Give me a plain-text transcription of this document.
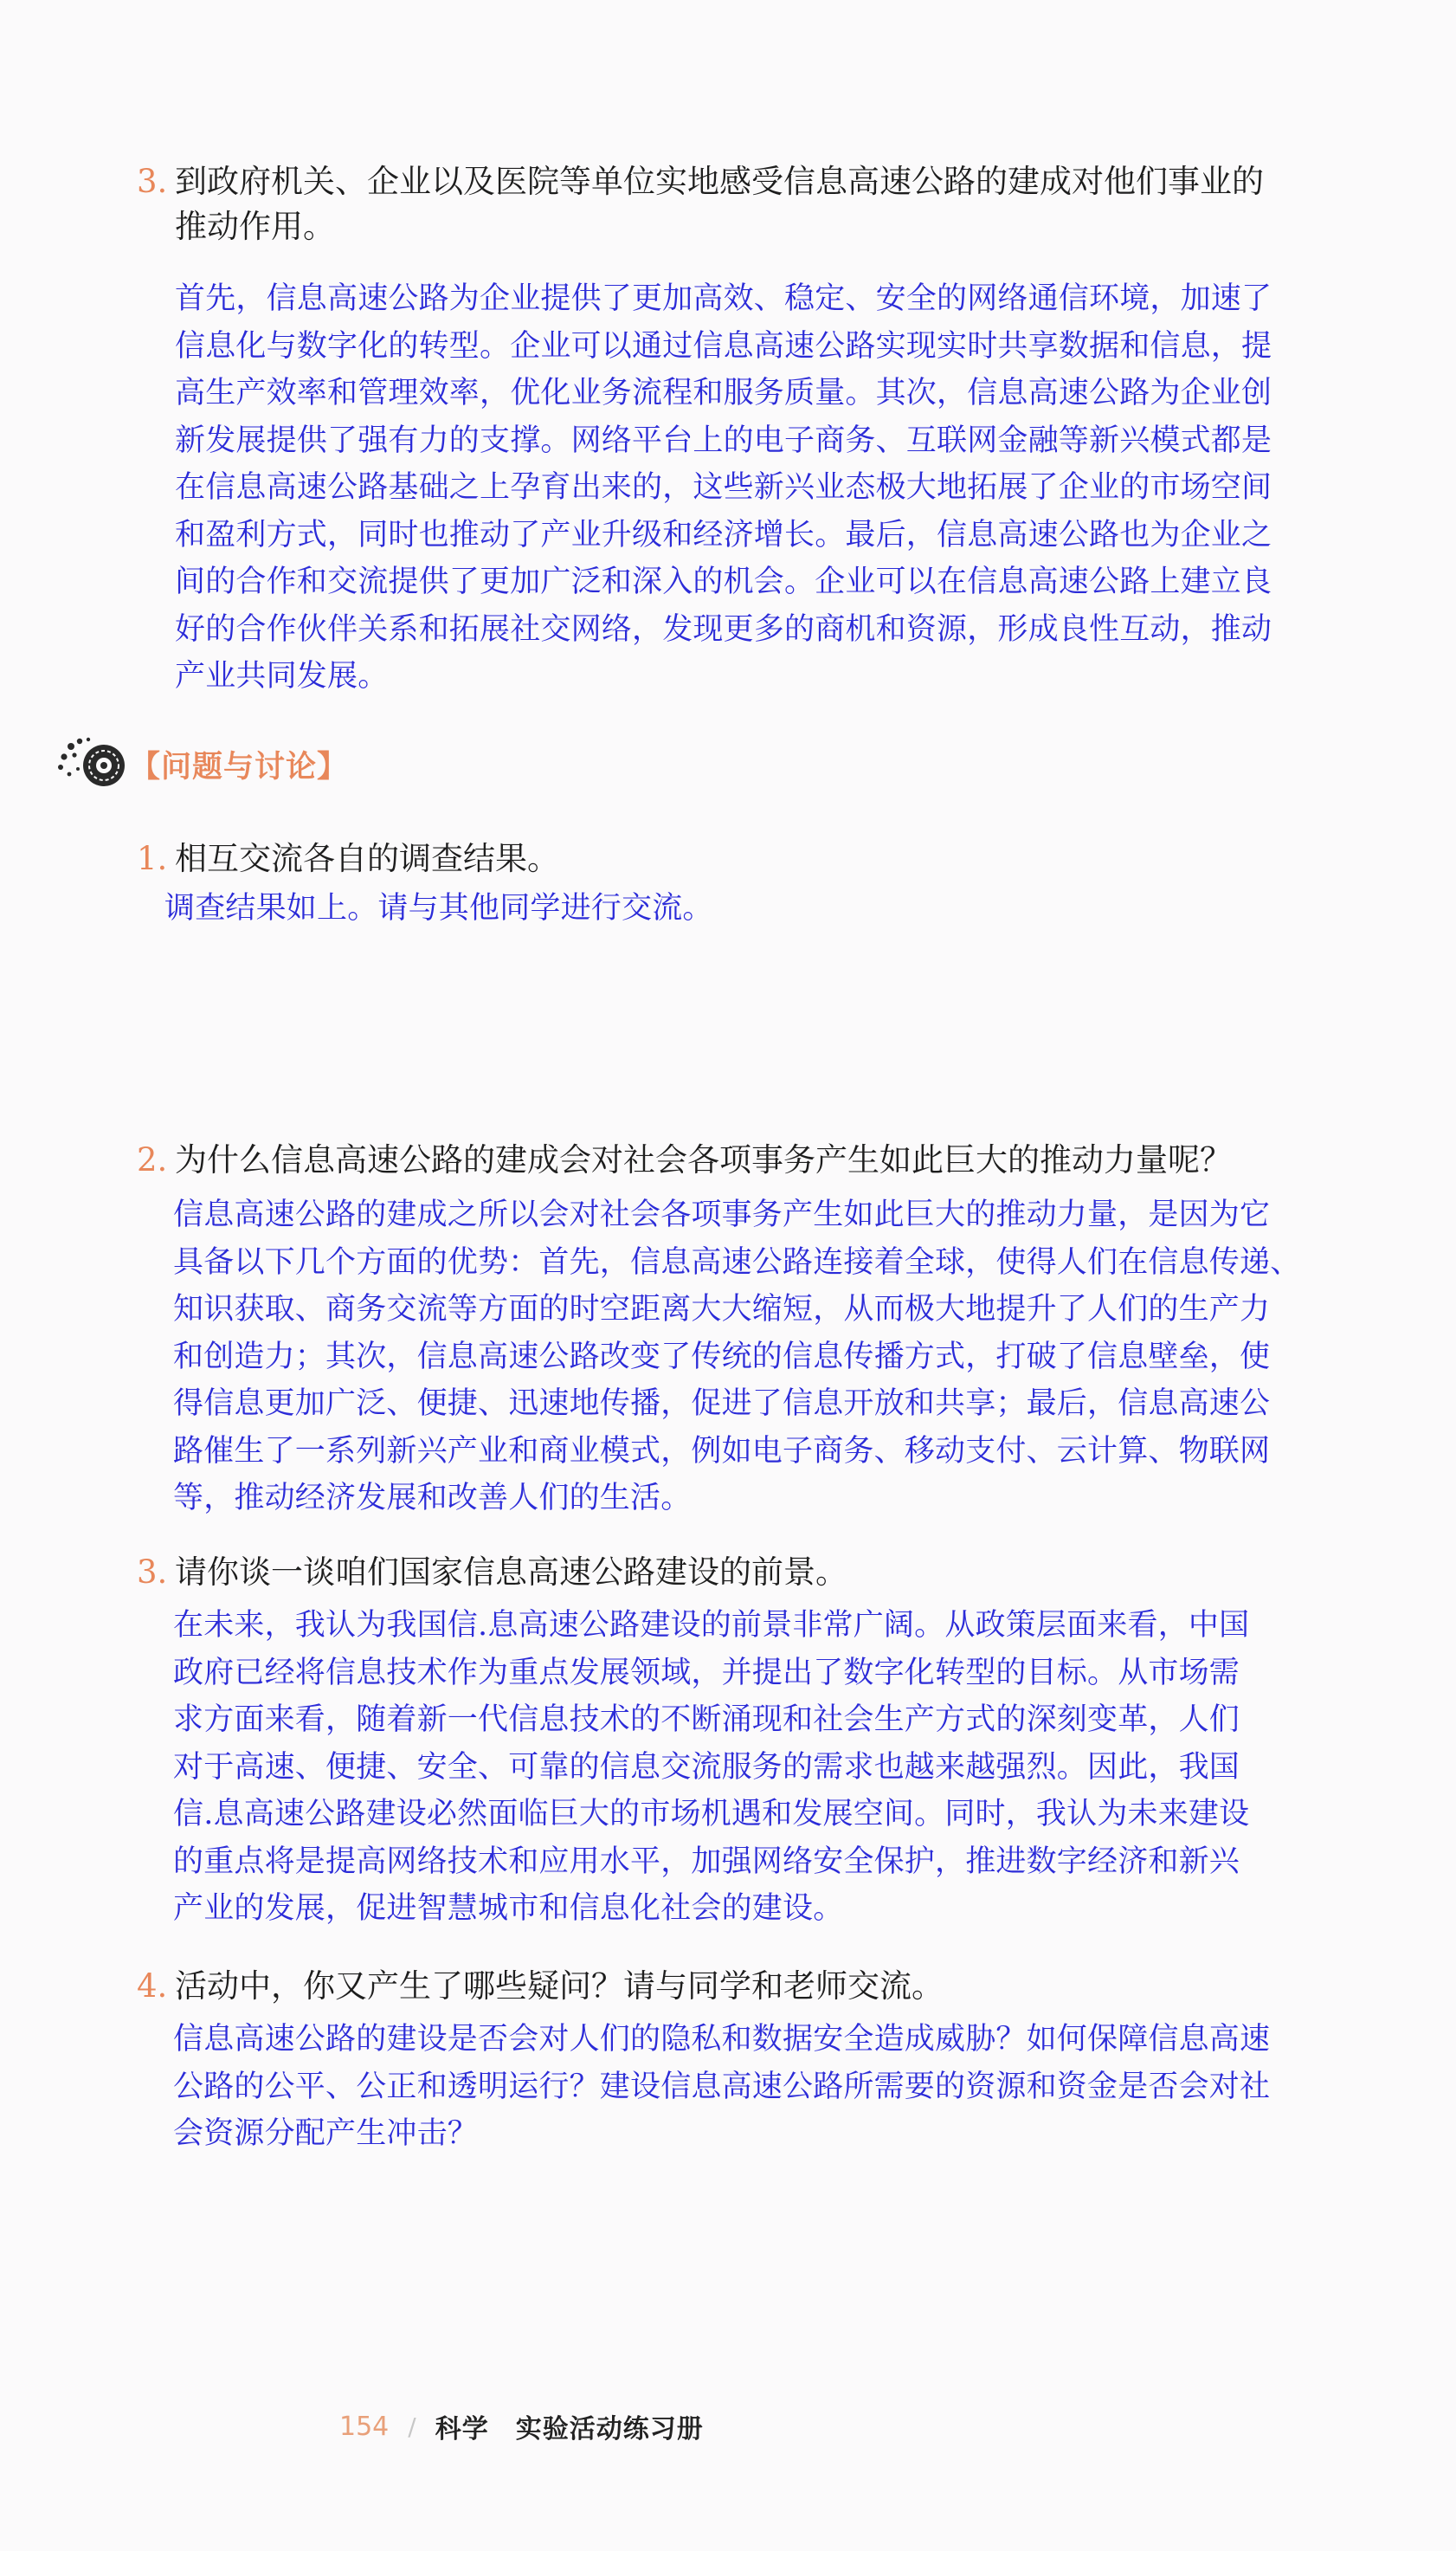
3. 到政府机关、企业以及医院等单位实地感受信息高速公路的建成对他们事业的
推动作用。

首先，信息高速公路为企业提供了更加高效、稳定、安全的网络通信环境，加速了

信息化与数字化的转型。企业可以通过信息高速公路实现实时共享数据和信息，提

高生产效率和管理效率，优化业务流程和服务质量。其次，信息高速公路为企业创

新发展提供了强有力的支撑。网络平台上的电子商务、互联网金融等新兴模式都是

在信息高速公路基础之上孕育出来的，这些新兴业态极大地拓展了企业的市场空间

和盈利方式，同时也推动了产业升级和经济增长。最后，信息高速公路也为企业之

间的合作和交流提供了更加广泛和深入的机会。企业可以在信息高速公路上建立良

好的合作伙伴关系和拓展社交网络，发现更多的商机和资源，形成良性互动，推动

产业共同发展。

【问题与讨论】
1. 相互交流各自的调查结果。

调查结果如上。请与其他同学进行交流。

2. 为什么信息高速公路的建成会对社会各项事务产生如此巨大的推动力量呢？

信息高速公路的建成之所以会对社会各项事务产生如此巨大的推动力量，是因为它

具备以下几个方面的优势：首先，信息高速公路连接着全球，使得人们在信息传递、

知识获取、商务交流等方面的时空距离大大缩短，从而极大地提升了人们的生产力

和创造力；其次，信息高速公路改变了传统的信息传播方式，打破了信息壁垒，使

得信息更加广泛、便捷、迅速地传播，促进了信息开放和共享；最后，信息高速公

路催生了一系列新兴产业和商业模式，例如电子商务、移动支付、云计算、物联网

等，推动经济发展和改善人们的生活。

3. 请你谈一谈咱们国家信息高速公路建设的前景。

在未来，我认为我国信.息高速公路建设的前景非常广阔。从政策层面来看，中国

政府已经将信息技术作为重点发展领域，并提出了数字化转型的目标。从市场需

求方面来看，随着新一代信息技术的不断涌现和社会生产方式的深刻变革，人们

对于高速、便捷、安全、可靠的信息交流服务的需求也越来越强烈。因此，我国

信.息高速公路建设必然面临巨大的市场机遇和发展空间。同时，我认为未来建设

的重点将是提高网络技术和应用水平，加强网络安全保护，推进数字经济和新兴

产业的发展，促进智慧城市和信息化社会的建设。

4. 活动中，你又产生了哪些疑问？请与同学和老师交流。

信息高速公路的建设是否会对人们的隐私和数据安全造成威胁？如何保障信息高速

公路的公平、公正和透明运行？建设信息高速公路所需要的资源和资金是否会对社

会资源分配产生冲击？

154 / 科学　实验活动练习册
